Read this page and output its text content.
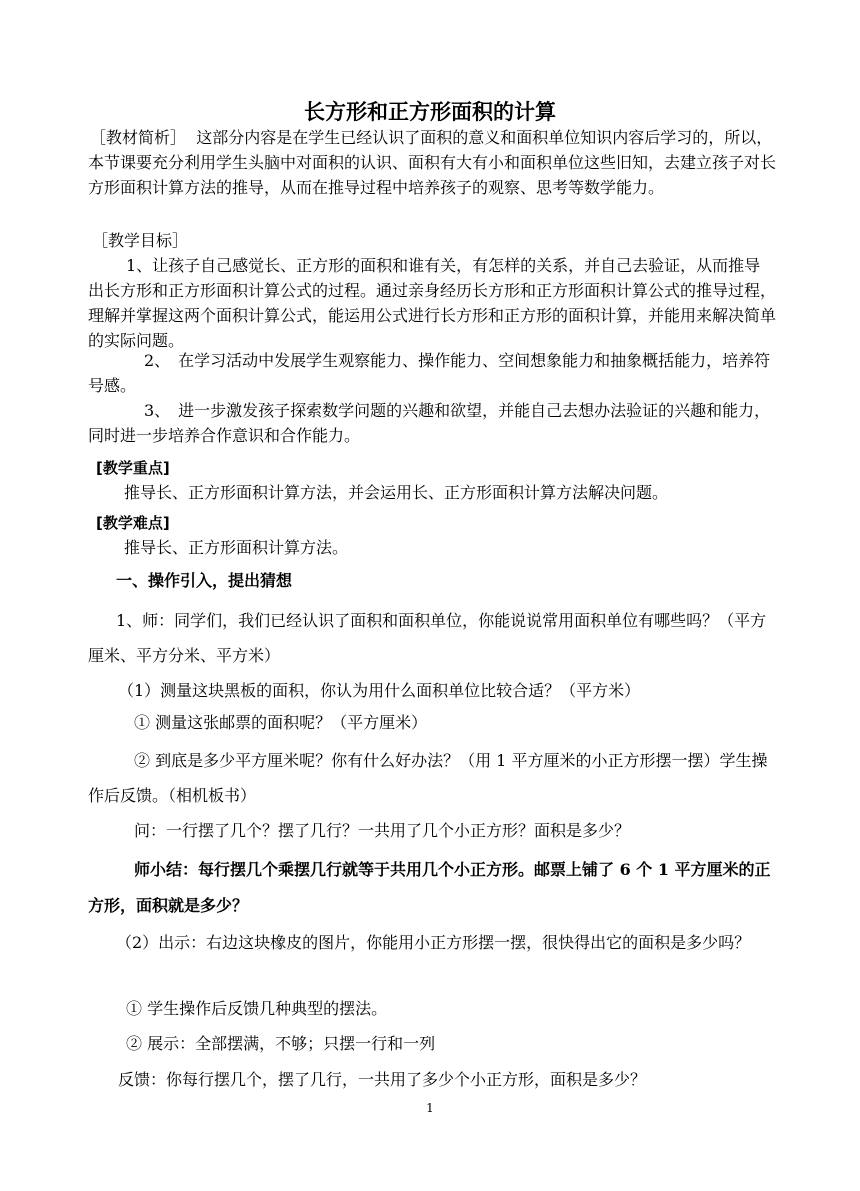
长方形和正方形面积的计算
［教材简析］ 这部分内容是在学生已经认识了面积的意义和面积单位知识内容后学习的，所以，本节课要充分利用学生头脑中对面积的认识、面积有大有小和面积单位这些旧知，去建立孩子对长方形面积计算方法的推导，从而在推导过程中培养孩子的观察、思考等数学能力。
［教学目标］
1、让孩子自己感觉长、正方形的面积和谁有关，有怎样的关系，并自己去验证，从而推导出长方形和正方形面积计算公式的过程。通过亲身经历长方形和正方形面积计算公式的推导过程，理解并掌握这两个面积计算公式，能运用公式进行长方形和正方形的面积计算，并能用来解决简单的实际问题。
2、　在学习活动中发展学生观察能力、操作能力、空间想象能力和抽象概括能力，培养符号感。
3、　进一步激发孩子探索数学问题的兴趣和欲望，并能自己去想办法验证的兴趣和能力，同时进一步培养合作意识和合作能力。
[教学重点]
推导长、正方形面积计算方法，并会运用长、正方形面积计算方法解决问题。
[教学难点]
推导长、正方形面积计算方法。
一、操作引入，提出猜想
1、师：同学们，我们已经认识了面积和面积单位，你能说说常用面积单位有哪些吗？（平方厘米、平方分米、平方米）
（1）测量这块黑板的面积，你认为用什么面积单位比较合适？（平方米）
① 测量这张邮票的面积呢？（平方厘米）
② 到底是多少平方厘米呢？你有什么好办法？（用 1 平方厘米的小正方形摆一摆）学生操作后反馈。（相机板书）
问：一行摆了几个？摆了几行？一共用了几个小正方形？面积是多少？
师小结：每行摆几个乘摆几行就等于共用几个小正方形。邮票上铺了 6 个 1 平方厘米的正方形，面积就是多少？
（2）出示：右边这块橡皮的图片，你能用小正方形摆一摆，很快得出它的面积是多少吗？
① 学生操作后反馈几种典型的摆法。
② 展示：全部摆满，不够；只摆一行和一列
反馈：你每行摆几个，摆了几行，一共用了多少个小正方形，面积是多少？
1
